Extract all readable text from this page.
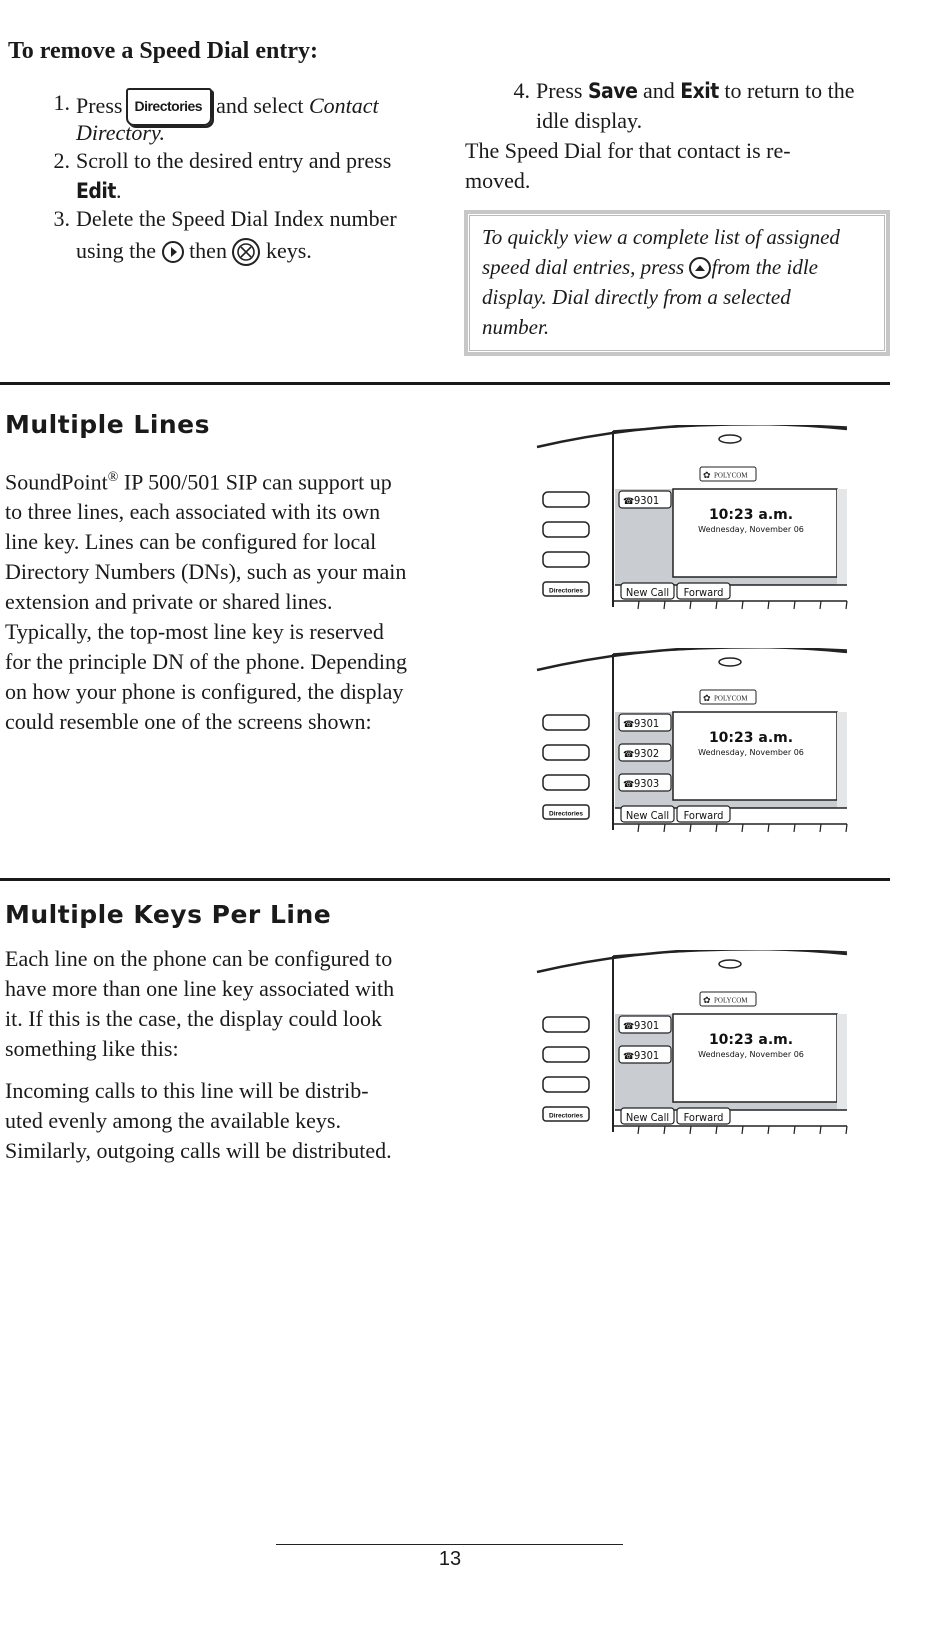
To remove a Speed Dial entry:
1. Press Directories and select Contact
Directory.
2. Scroll to the desired entry and press
Edit.
3. Delete the Speed Dial Index number
using the then keys.
4. Press Save and Exit to return to the
idle display.
The Speed Dial for that contact is re-
moved.
To quickly view a complete list of assigned
speed dial entries, press from the idle
display. Dial directly from a selected
number.
Multiple Lines
SoundPoint® IP 500/501 SIP can support up
to three lines, each associated with its own
line key. Lines can be configured for local
Directory Numbers (DNs), such as your main
extension and private or shared lines.
Typically, the top-most line key is reserved
for the principle DN of the phone. Depending
on how your phone is configured, the display
could resemble one of the screens shown:
Multiple Keys Per Line
Each line on the phone can be configured to
have more than one line key associated with
it. If this is the case, the display could look
something like this:
Incoming calls to this line will be distrib-
uted evenly among the available keys.
Similarly, outgoing calls will be distributed.
POLYCOM
✿
10:23 a.m.
Wednesday, November 06
☎ 9301
Directories	New Call Forward
POLYCOM
✿
10:23 a.m.
Wednesday, November 06
☎ 9301
☎ 9302
☎ 9303
Directories	New Call Forward
POLYCOM
✿
10:23 a.m.
Wednesday, November 06
☎ 9301
☎ 9301
Directories	New Call Forward
13
